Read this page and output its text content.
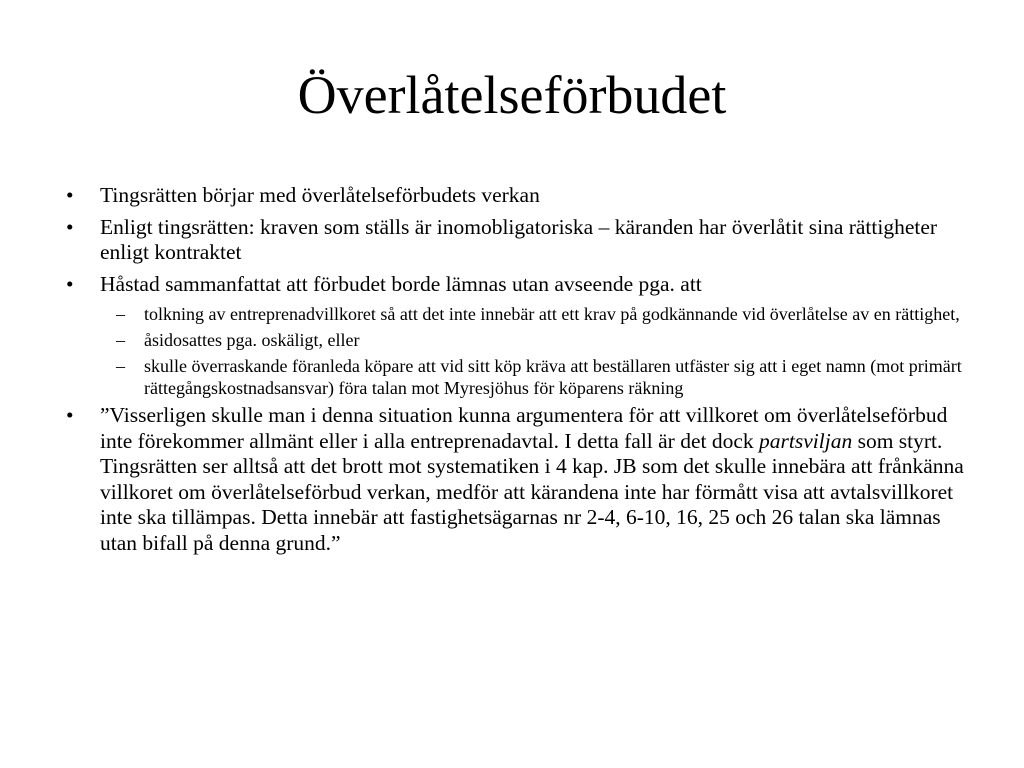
Överlåtelseförbudet
• Tingsrätten börjar med överlåtelseförbudets verkan
• Enligt tingsrätten: kraven som ställs är inomobligatoriska – käranden har överlåtit sina rättigheter enligt kontraktet
• Håstad sammanfattat att förbudet borde lämnas utan avseende pga. att
– tolkning av entreprenadvillkoret så att det inte innebär att ett krav på godkännande vid överlåtelse av en rättighet,
– åsidosattes pga. oskäligt, eller
– skulle överraskande föranleda köpare att vid sitt köp kräva att beställaren utfäster sig att i eget namn (mot primärt rättegångskostnadsansvar) föra talan mot Myresjöhus för köparens räkning
• ”Visserligen skulle man i denna situation kunna argumentera för att villkoret om överlåtelseförbud inte förekommer allmänt eller i alla entreprenadavtal. I detta fall är det dock partsviljan som styrt. Tingsrätten ser alltså att det brott mot systematiken i 4 kap. JB som det skulle innebära att frånkänna villkoret om överlåtelseförbud verkan, medför att kärandena inte har förmått visa att avtalsvillkoret inte ska tillämpas. Detta innebär att fastighetsägarnas nr 2-4, 6-10, 16, 25 och 26 talan ska lämnas utan bifall på denna grund.”
